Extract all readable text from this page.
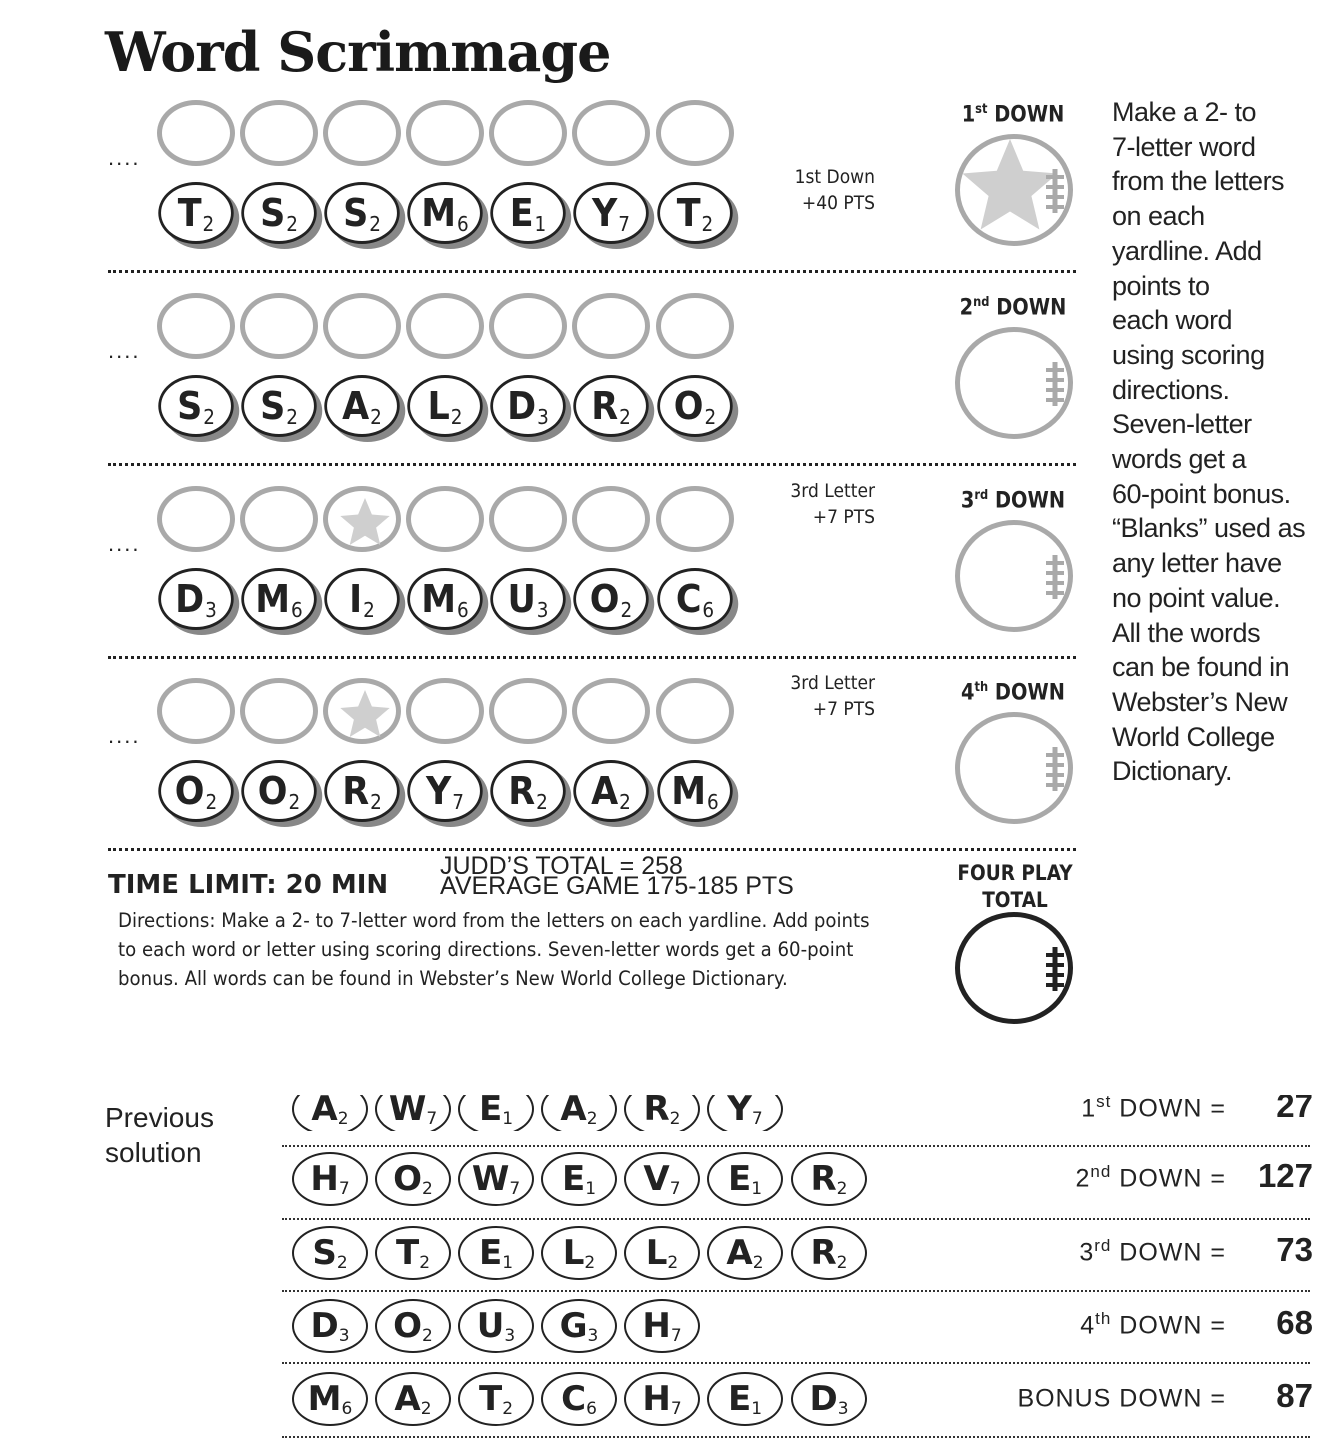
Word Scrimmage
....
T 2 S 2 S 2 M 6 E 1 Y 7 T 2
1st DOWN
1st Down
+40 PTS
....
S 2 S 2 A 2 L 2 D 3 R 2 O 2
2nd DOWN
....
D 3 M 6 I 2 M 6 U 3 O 2 C 6
3rd DOWN
3rd Letter
+7 PTS
....
O 2 O 2 R 2 Y 7 R 2 A 2 M 6
4th DOWN
3rd Letter
+7 PTS
Make a 2- to
7-letter word
from the letters
on each
yardline. Add
points to
each word
using scoring
directions.
Seven-letter
words get a
60-point bonus.
“Blanks” used as
any letter have
no point value.
All the words
can be found in
Webster’s New
World College
Dictionary.
TIME LIMIT: 20 MIN
JUDD’S TOTAL = 258
AVERAGE GAME 175-185 PTS
Directions: Make a 2- to 7-letter word from the letters on each yardline. Add points to each word or letter using scoring directions. Seven-letter words get a 60-point bonus. All words can be found in Webster’s New World College Dictionary.
FOUR PLAY
TOTAL
Previous
solution
A 2 W 7 E 1 A 2 R 2 Y 7	1st DOWN =	27
H 7 O 2 W 7 E 1 V 7 E 1 R 2	2nd DOWN = 127
S 2 T 2 E 1 L 2 L 2 A 2 R 2	3rd DOWN =	73
D 3 O 2 U 3 G 3 H 7	4th DOWN =	68
M 6 A 2 T 2 C 6 H 7 E 1 D 3	BONUS DOWN =	87
